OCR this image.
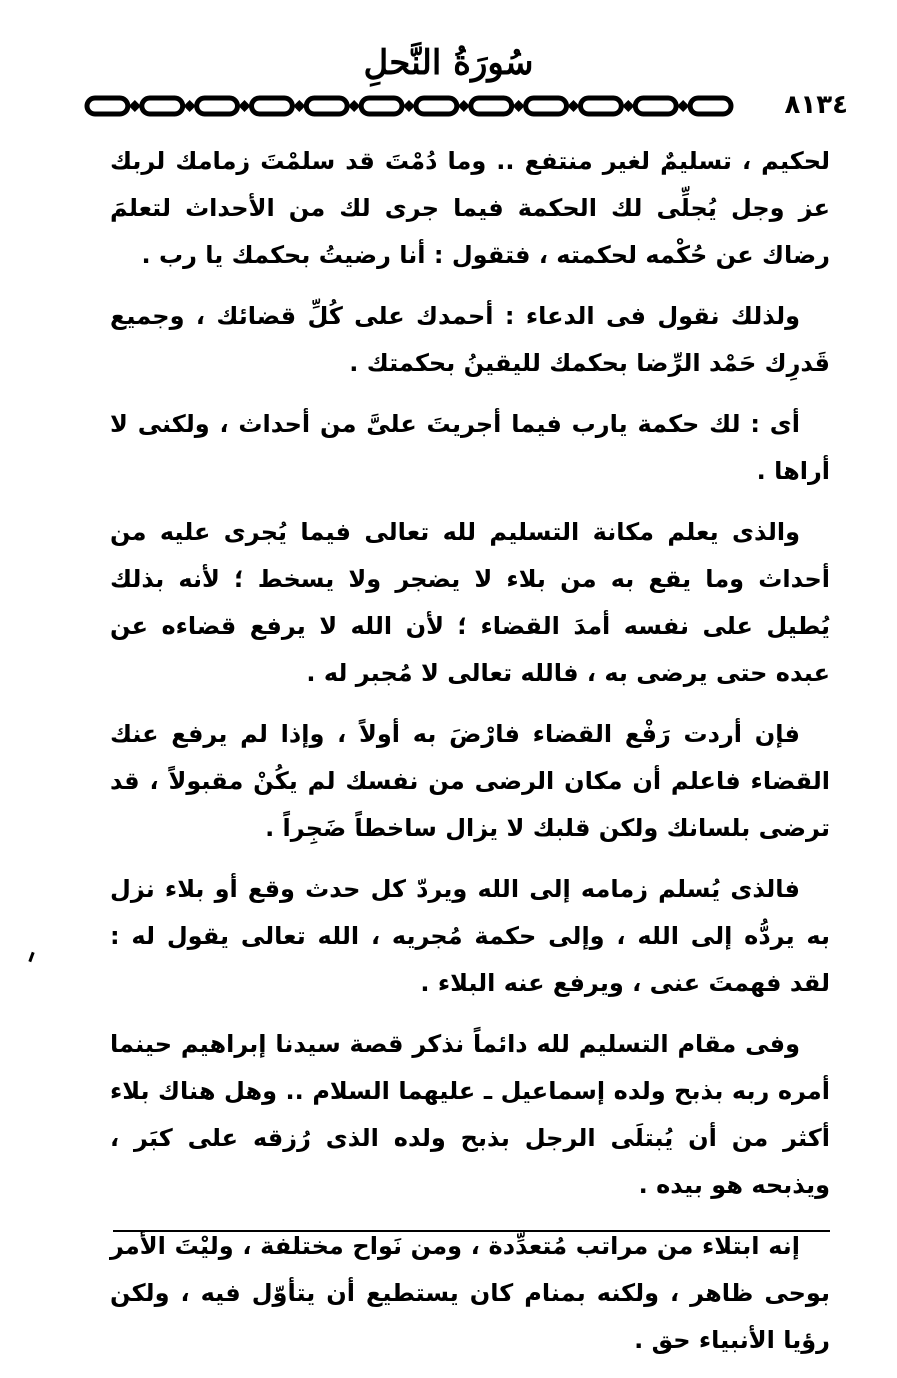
سُورَةُ النَّحلِ
٨١٣٤

لحكيم ، تسليمٌ لغير منتفع .. وما دُمْتَ قد سلمْتَ زمامك لربك عز وجل يُجلِّى لك الحكمة فيما جرى لك من الأحداث لتعلمَ رضاك عن حُكْمه لحكمته ، فتقول : أنا رضيتُ بحكمك يا رب .

ولذلك نقول فى الدعاء : أحمدك على كُلِّ قضائك ، وجميع قَدرِك حَمْد الرِّضا بحكمك لليقينُ بحكمتك .

أى : لك حكمة يارب فيما أجريتَ علىَّ من أحداث ، ولكنى لا أراها .

والذى يعلم مكانة التسليم لله تعالى فيما يُجرى عليه من أحداث وما يقع به من بلاء لا يضجر ولا يسخط ؛ لأنه بذلك يُطيل على نفسه أمدَ القضاء ؛ لأن الله لا يرفع قضاءه عن عبده حتى يرضى به ، فالله تعالى لا مُجبر له .

فإن أردت رَفْع القضاء فارْضَ به أولاً ، وإذا لم يرفع عنك القضاء فاعلم أن مكان الرضى من نفسك لم يكُنْ مقبولاً ، قد ترضى بلسانك ولكن قلبك لا يزال ساخطاً ضَجِراً .

فالذى يُسلم زمامه إلى الله ويردّ كل حدث وقع أو بلاء نزل به يردُّه إلى الله ، وإلى حكمة مُجريه ، الله تعالى يقول له : لقد فهمتَ عنى ، ويرفع عنه البلاء .

وفى مقام التسليم لله دائماً نذكر قصة سيدنا إبراهيم حينما أمره ربه بذبح ولده إسماعيل ـ عليهما السلام .. وهل هناك بلاء أكثر من أن يُبتلَى الرجل بذبح ولده الذى رُزقه على كبَر ، ويذبحه هو بيده .

إنه ابتلاء من مراتب مُتعدِّدة ، ومن نَواح مختلفة ، وليْتَ الأمر بوحى ظاهر ، ولكنه بمنام كان يستطيع أن يتأوّل فيه ، ولكن رؤيا الأنبياء حق .
